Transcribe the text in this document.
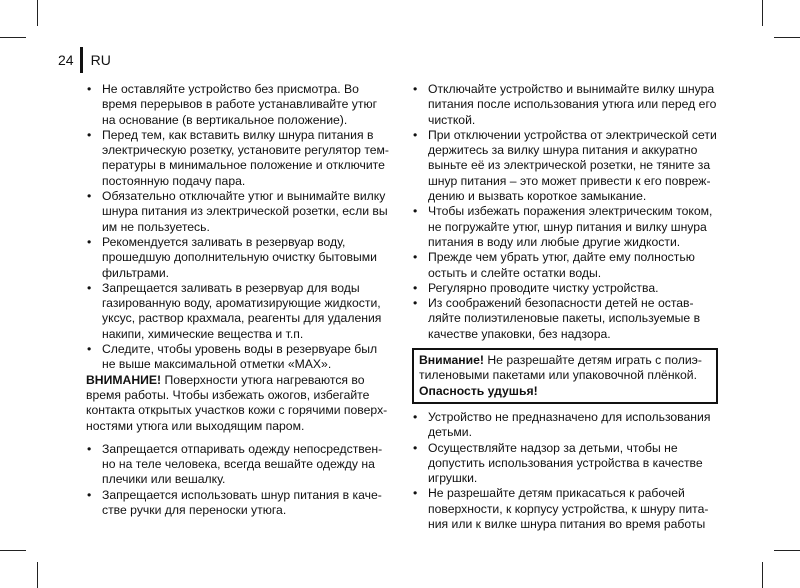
24 RU
• Не оставляйте устройство без присмотра. Во время перерывов в работе устанавливайте утюг на основание (в вертикальное положение).
• Перед тем, как вставить вилку шнура питания в электрическую розетку, установите регулятор тем-пературы в минимальное положение и отключите постоянную подачу пара.
• Обязательно отключайте утюг и вынимайте вилку шнура питания из электрической розетки, если вы им не пользуетесь.
• Рекомендуется заливать в резервуар воду, прошедшую дополнительную очистку бытовыми фильтрами.
• Запрещается заливать в резервуар для воды газированную воду, ароматизирующие жидкости, уксус, раствор крахмала, реагенты для удаления накипи, химические вещества и т.п.
• Следите, чтобы уровень воды в резервуаре был не выше максимальной отметки «MAX».

ВНИМАНИЕ! Поверхности утюга нагреваются во время работы. Чтобы избежать ожогов, избегайте контакта открытых участков кожи с горячими поверх-ностями утюга или выходящим паром.

• Запрещается отпаривать одежду непосредствен-но на теле человека, всегда вешайте одежду на плечики или вешалку.
• Запрещается использовать шнур питания в каче-стве ручки для переноски утюга.
• Отключайте устройство и вынимайте вилку шнура питания после использования утюга или перед его чисткой.
• При отключении устройства от электрической сети держитесь за вилку шнура питания и аккуратно выньте её из электрической розетки, не тяните за шнур питания – это может привести к его повреж-дению и вызвать короткое замыкание.
• Чтобы избежать поражения электрическим током, не погружайте утюг, шнур питания и вилку шнура питания в воду или любые другие жидкости.
• Прежде чем убрать утюг, дайте ему полностью остыть и слейте остатки воды.
• Регулярно проводите чистку устройства.
• Из соображений безопасности детей не остав-ляйте полиэтиленовые пакеты, используемые в качестве упаковки, без надзора.
Внимание! Не разрешайте детям играть с полиэ-тиленовыми пакетами или упаковочной плёнкой.
Опасность удушья!
• Устройство не предназначено для использования детьми.
• Осуществляйте надзор за детьми, чтобы не допустить использования устройства в качестве игрушки.
• Не разрешайте детям прикасаться к рабочей поверхности, к корпусу устройства, к шнуру пита-ния или к вилке шнура питания во время работы
